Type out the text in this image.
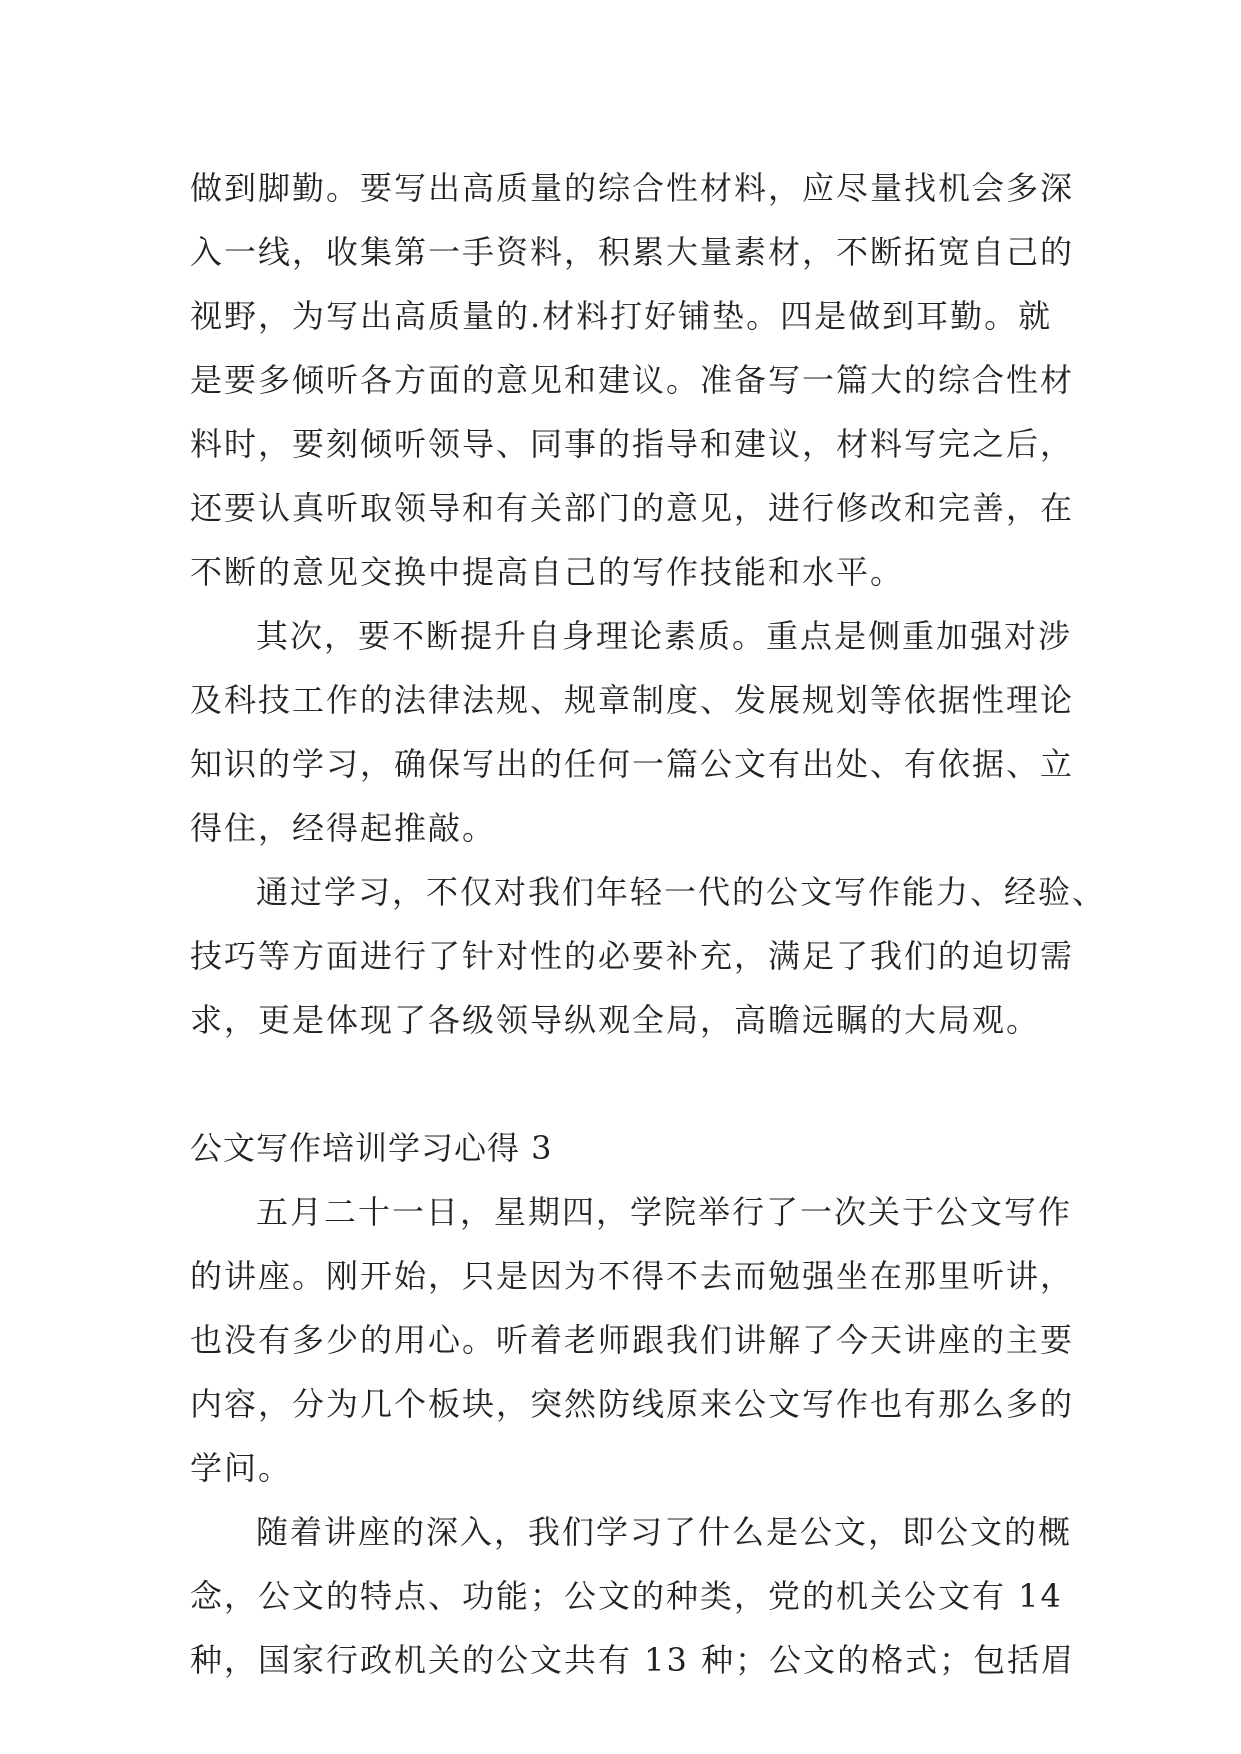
做到脚勤。要写出高质量的综合性材料，应尽量找机会多深
入一线，收集第一手资料，积累大量素材，不断拓宽自己的
视野，为写出高质量的.材料打好铺垫。四是做到耳勤。就
是要多倾听各方面的意见和建议。准备写一篇大的综合性材
料时，要刻倾听领导、同事的指导和建议，材料写完之后，
还要认真听取领导和有关部门的意见，进行修改和完善，在
不断的意见交换中提高自己的写作技能和水平。
其次，要不断提升自身理论素质。重点是侧重加强对涉
及科技工作的法律法规、规章制度、发展规划等依据性理论
知识的学习，确保写出的任何一篇公文有出处、有依据、立
得住，经得起推敲。
通过学习，不仅对我们年轻一代的公文写作能力、经验、
技巧等方面进行了针对性的必要补充，满足了我们的迫切需
求，更是体现了各级领导纵观全局，高瞻远瞩的大局观。
公文写作培训学习心得 3
五月二十一日，星期四，学院举行了一次关于公文写作
的讲座。刚开始，只是因为不得不去而勉强坐在那里听讲，
也没有多少的用心。听着老师跟我们讲解了今天讲座的主要
内容，分为几个板块，突然防线原来公文写作也有那么多的
学问。
随着讲座的深入，我们学习了什么是公文，即公文的概
念，公文的特点、功能；公文的种类，党的机关公文有 14
种，国家行政机关的公文共有 13 种；公文的格式；包括眉
